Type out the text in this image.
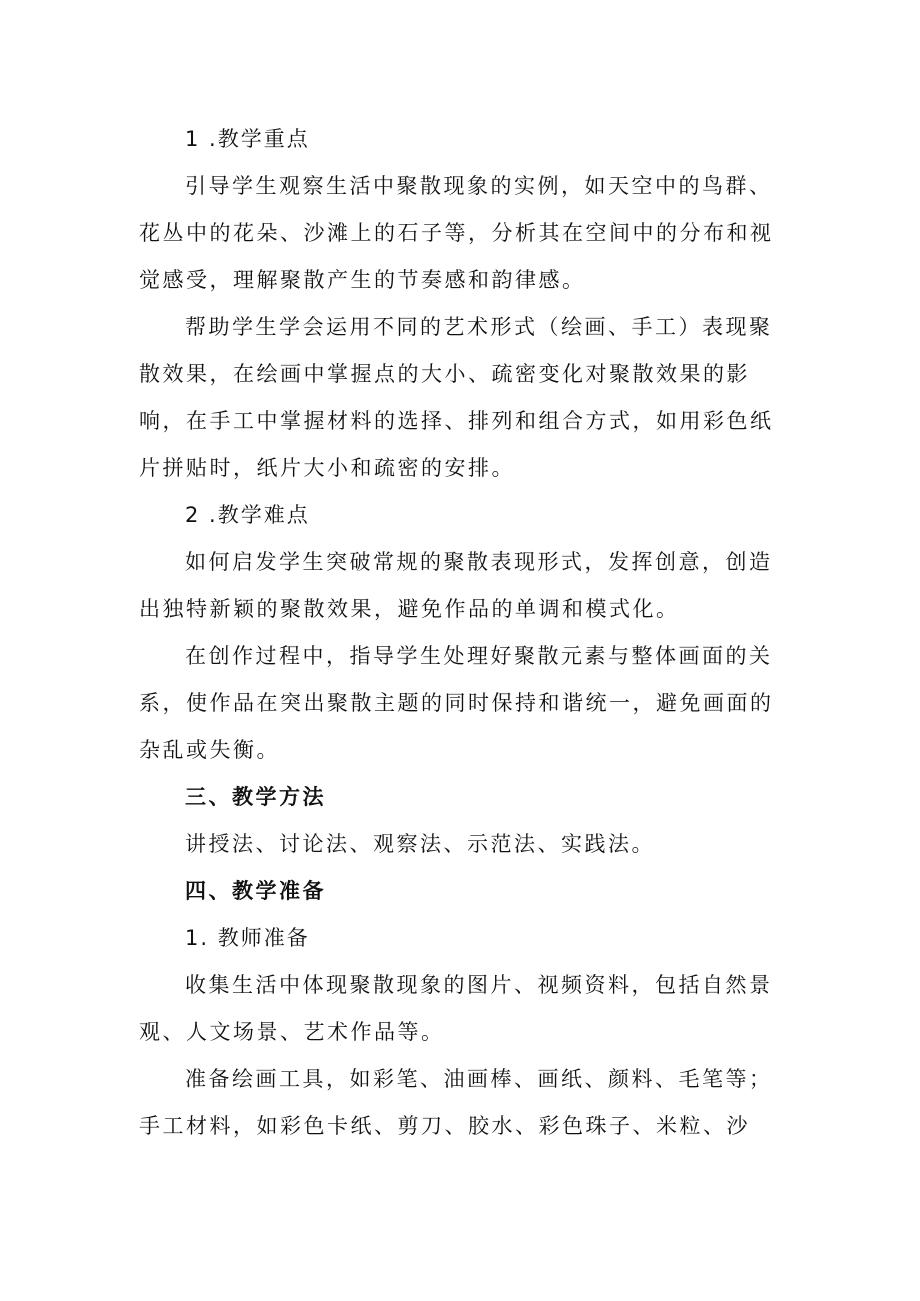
1 .教学重点

引导学生观察生活中聚散现象的实例，如天空中的鸟群、花丛中的花朵、沙滩上的石子等，分析其在空间中的分布和视觉感受，理解聚散产生的节奏感和韵律感。

帮助学生学会运用不同的艺术形式（绘画、手工）表现聚散效果，在绘画中掌握点的大小、疏密变化对聚散效果的影响，在手工中掌握材料的选择、排列和组合方式，如用彩色纸片拼贴时，纸片大小和疏密的安排。

2 .教学难点

如何启发学生突破常规的聚散表现形式，发挥创意，创造出独特新颖的聚散效果，避免作品的单调和模式化。

在创作过程中，指导学生处理好聚散元素与整体画面的关系，使作品在突出聚散主题的同时保持和谐统一，避免画面的杂乱或失衡。

三、教学方法

讲授法、讨论法、观察法、示范法、实践法。

四、教学准备

1. 教师准备

收集生活中体现聚散现象的图片、视频资料，包括自然景观、人文场景、艺术作品等。

准备绘画工具，如彩笔、油画棒、画纸、颜料、毛笔等；手工材料，如彩色卡纸、剪刀、胶水、彩色珠子、米粒、沙
